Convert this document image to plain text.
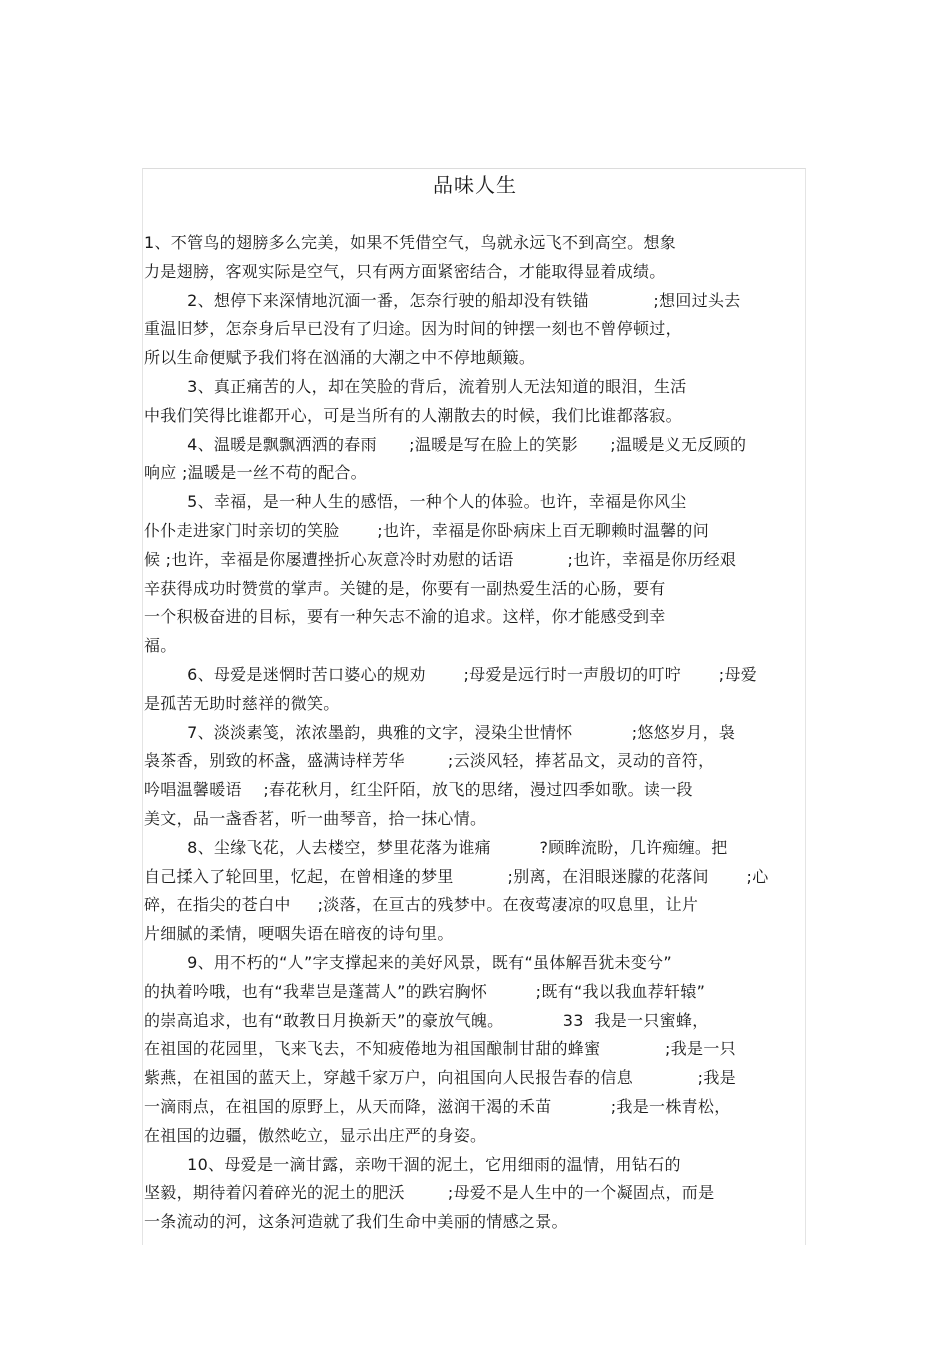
品味人生
1、不管鸟的翅膀多么完美，如果不凭借空气，鸟就永远飞不到高空。想象
力是翅膀，客观实际是空气，只有两方面紧密结合，才能取得显着成绩。
2、想停下来深情地沉湎一番，怎奈行驶的船却没有铁锚            ;想回过头去
重温旧梦，怎奈身后早已没有了归途。因为时间的钟摆一刻也不曾停顿过，
所以生命便赋予我们将在汹涌的大潮之中不停地颠簸。
3、真正痛苦的人，却在笑脸的背后，流着别人无法知道的眼泪，生活
中我们笑得比谁都开心，可是当所有的人潮散去的时候，我们比谁都落寂。
4、温暖是飘飘洒洒的春雨      ;温暖是写在脸上的笑影      ;温暖是义无反顾的
响应 ;温暖是一丝不苟的配合。
5、幸福，是一种人生的感悟，一种个人的体验。也许，幸福是你风尘
仆仆走进家门时亲切的笑脸       ;也许，幸福是你卧病床上百无聊赖时温馨的问
候 ;也许，幸福是你屡遭挫折心灰意冷时劝慰的话语          ;也许，幸福是你历经艰
辛获得成功时赞赏的掌声。关键的是，你要有一副热爱生活的心肠，要有
一个积极奋进的目标，要有一种矢志不渝的追求。这样，你才能感受到幸
福。
6、母爱是迷惘时苦口婆心的规劝       ;母爱是远行时一声殷切的叮咛       ;母爱
是孤苦无助时慈祥的微笑。
7、淡淡素笺，浓浓墨韵，典雅的文字，浸染尘世情怀           ;悠悠岁月，袅
袅茶香，别致的杯盏，盛满诗样芳华        ;云淡风轻，捧茗品文，灵动的音符，
吟唱温馨暖语    ;春花秋月，红尘阡陌，放飞的思绪，漫过四季如歌。读一段
美文，品一盏香茗，听一曲琴音，拾一抹心情。
8、尘缘飞花，人去楼空，梦里花落为谁痛         ?顾眸流盼，几许痴缠。把
自己揉入了轮回里，忆起，在曾相逢的梦里          ;别离，在泪眼迷朦的花落间       ;心
碎，在指尖的苍白中     ;淡落，在亘古的残梦中。在夜莺凄凉的叹息里，让片
片细腻的柔情，哽咽失语在暗夜的诗句里。
9、用不朽的“人”字支撑起来的美好风景，既有“虽体解吾犹未变兮”
的执着吟哦，也有“我辈岂是蓬蒿人”的跌宕胸怀         ;既有“我以我血荐轩辕”
的崇高追求，也有“敢教日月换新天”的豪放气魄。           33  我是一只蜜蜂，
在祖国的花园里，飞来飞去，不知疲倦地为祖国酿制甘甜的蜂蜜            ;我是一只
紫燕，在祖国的蓝天上，穿越千家万户，向祖国向人民报告春的信息            ;我是
一滴雨点，在祖国的原野上，从天而降，滋润干渴的禾苗           ;我是一株青松，
在祖国的边疆，傲然屹立，显示出庄严的身姿。
10、母爱是一滴甘露，亲吻干涸的泥土，它用细雨的温情，用钻石的
坚毅，期待着闪着碎光的泥土的肥沃        ;母爱不是人生中的一个凝固点，而是
一条流动的河，这条河造就了我们生命中美丽的情感之景。
